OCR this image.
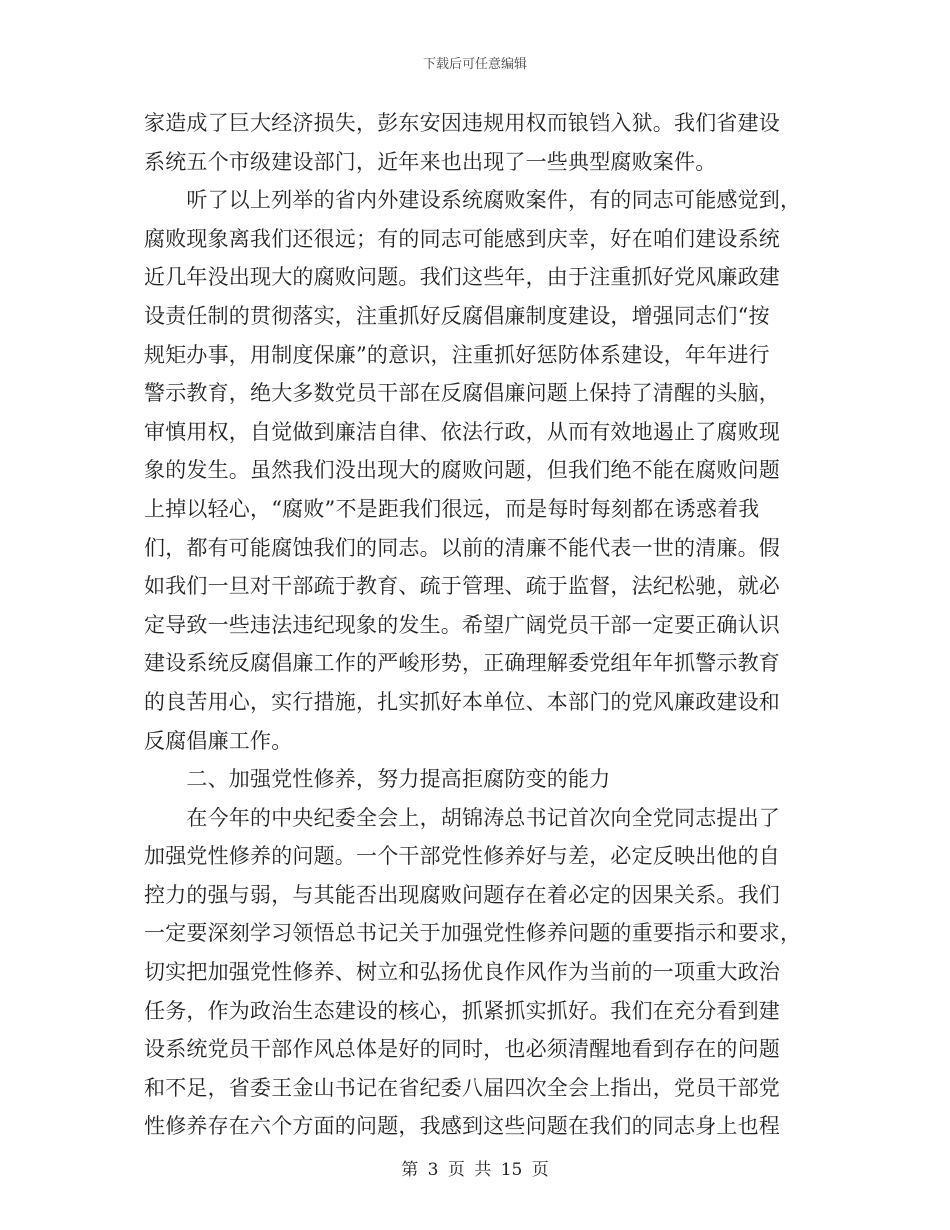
下载后可任意编辑
家造成了巨大经济损失，彭东安因违规用权而锒铛入狱。我们省建设
系统五个市级建设部门，近年来也出现了一些典型腐败案件。
　　听了以上列举的省内外建设系统腐败案件，有的同志可能感觉到，
腐败现象离我们还很远；有的同志可能感到庆幸，好在咱们建设系统
近几年没出现大的腐败问题。我们这些年，由于注重抓好党风廉政建
设责任制的贯彻落实，注重抓好反腐倡廉制度建设，增强同志们“按
规矩办事，用制度保廉”的意识，注重抓好惩防体系建设，年年进行
警示教育，绝大多数党员干部在反腐倡廉问题上保持了清醒的头脑，
审慎用权，自觉做到廉洁自律、依法行政，从而有效地遏止了腐败现
象的发生。虽然我们没出现大的腐败问题，但我们绝不能在腐败问题
上掉以轻心，“腐败”不是距我们很远，而是每时每刻都在诱惑着我
们，都有可能腐蚀我们的同志。以前的清廉不能代表一世的清廉。假
如我们一旦对干部疏于教育、疏于管理、疏于监督，法纪松驰，就必
定导致一些违法违纪现象的发生。希望广阔党员干部一定要正确认识
建设系统反腐倡廉工作的严峻形势，正确理解委党组年年抓警示教育
的良苦用心，实行措施，扎实抓好本单位、本部门的党风廉政建设和
反腐倡廉工作。
　　二、加强党性修养，努力提高拒腐防变的能力
　　在今年的中央纪委全会上，胡锦涛总书记首次向全党同志提出了
加强党性修养的问题。一个干部党性修养好与差，必定反映出他的自
控力的强与弱，与其能否出现腐败问题存在着必定的因果关系。我们
一定要深刻学习领悟总书记关于加强党性修养问题的重要指示和要求，
切实把加强党性修养、树立和弘扬优良作风作为当前的一项重大政治
任务，作为政治生态建设的核心，抓紧抓实抓好。我们在充分看到建
设系统党员干部作风总体是好的同时，也必须清醒地看到存在的问题
和不足，省委王金山书记在省纪委八届四次全会上指出，党员干部党
性修养存在六个方面的问题，我感到这些问题在我们的同志身上也程
第 3 页 共 15 页
